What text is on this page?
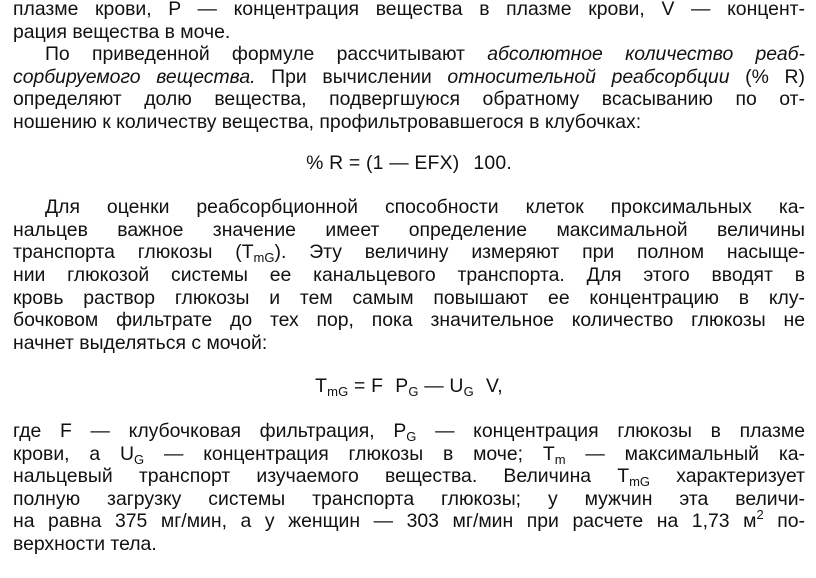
плазме крови, P — концентрация вещества в плазме крови, V — концент-
рация вещества в моче.
По приведенной формуле рассчитывают абсолютное количество реаб-
сорбируемого вещества. При вычислении относительной реабсорбции (% R)
определяют долю вещества, подвергшуюся обратному всасыванию по от-
ношению к количеству вещества, профильтровавшегося в клубочках:
% R = (1 — EFX) 100.
Для оценки реабсорбционной способности клеток проксимальных ка-
нальцев важное значение имеет определение максимальной величины
транспорта глюкозы $(T_{mG})$. Эту величину измеряют при полном насыще-
нии глюкозой системы ее канальцевого транспорта. Для этого вводят в
кровь раствор глюкозы и тем самым повышают ее концентрацию в клу-
бочковом фильтрате до тех пор, пока значительное количество глюкозы не
начнет выделяться с мочой:
$T_{mG} = F$ $P_G$ — $U_G$ V,
где F — клубочковая фильтрация, $P_G$ — концентрация глюкозы в плазме
крови, а $U_G$ — концентрация глюкозы в моче; $T_m$ — максимальный ка-
нальцевый транспорт изучаемого вещества. Величина $T_{mG}$ характеризует
полную загрузку системы транспорта глюкозы; у мужчин эта величи-
на равна 375 мг/мин, а у женщин — 303 мг/мин при расчете на 1,73 $м^2$ по-
верхности тела.
